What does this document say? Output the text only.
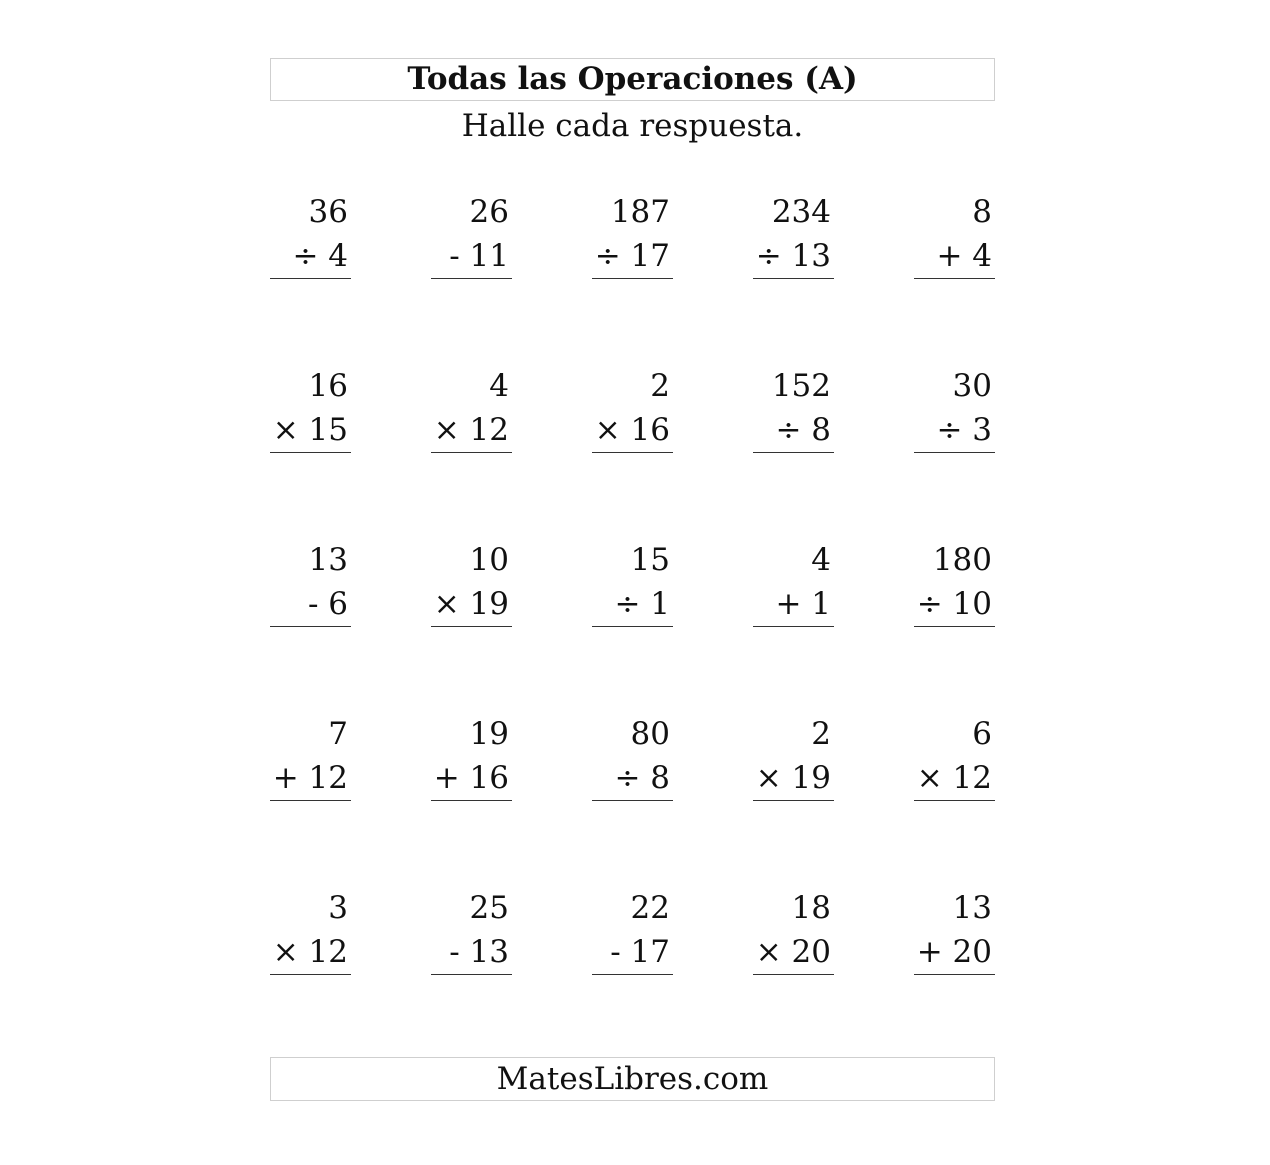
Todas las Operaciones (A)
Halle cada respuesta.
36
÷ 4
26
- 11
187
÷ 17
234
÷ 13
8
+ 4
16
× 15
4
× 12
2
× 16
152
÷ 8
30
÷ 3
13
- 6
10
× 19
15
÷ 1
4
+ 1
180
÷ 10
7
+ 12
19
+ 16
80
÷ 8
2
× 19
6
× 12
3
× 12
25
- 13
22
- 17
18
× 20
13
+ 20
MatesLibres.com
